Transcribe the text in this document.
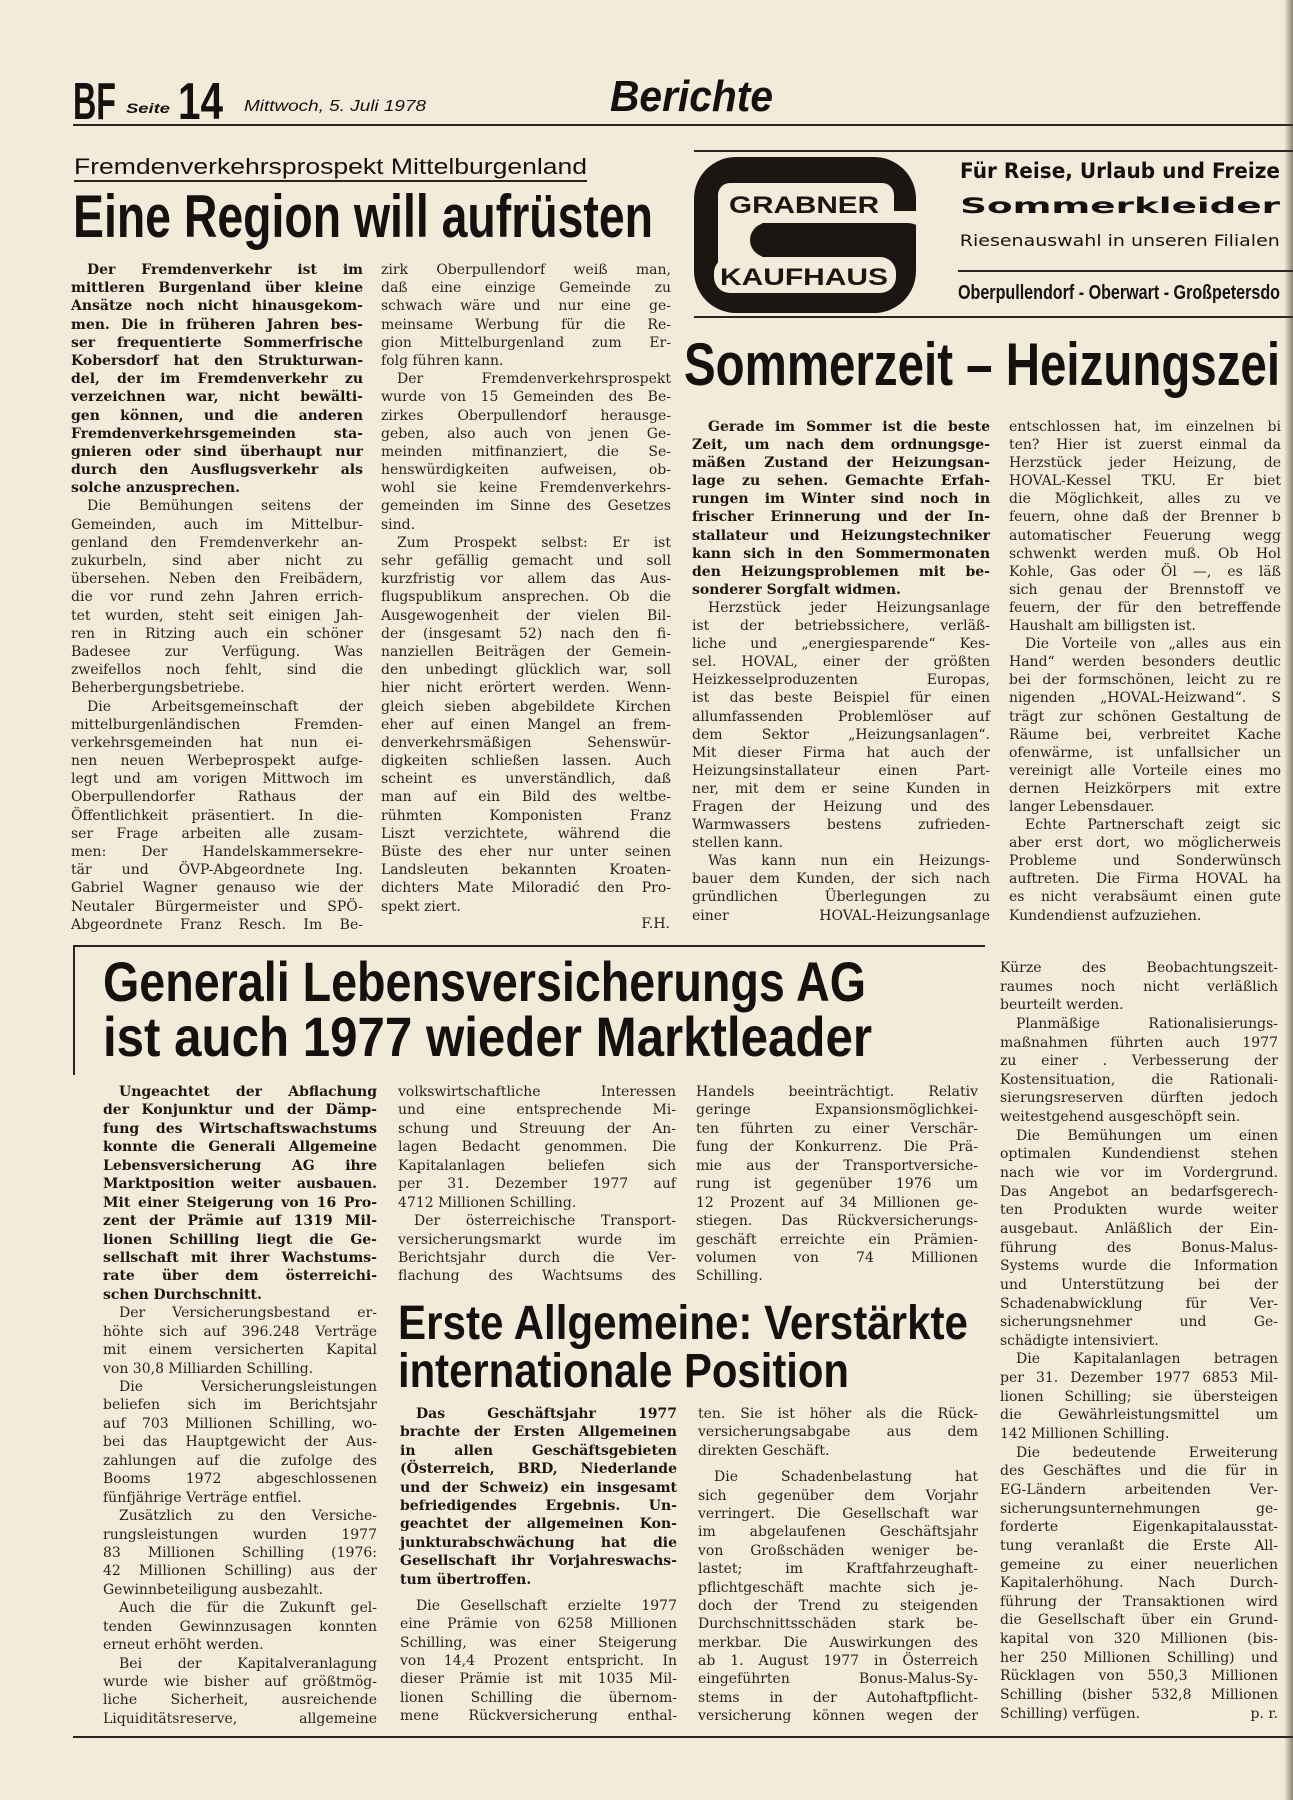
BF Seite 14 Mittwoch, 5. Juli 1978	Berichte
Fremdenverkehrsprospekt Mittelburgenland
Eine Region will aufrüsten
Der Fremdenverkehr ist im
mittleren Burgenland über kleine
Ansätze noch nicht hinausgekom-
men. Die in früheren Jahren bes-
ser frequentierte Sommerfrische
Kobersdorf hat den Strukturwan-
del, der im Fremdenverkehr zu
verzeichnen war, nicht bewälti-
gen können, und die anderen
Fremdenverkehrsgemeinden sta-
gnieren oder sind überhaupt nur
durch den Ausflugsverkehr als
solche anzusprechen.
Die Bemühungen seitens der
Gemeinden, auch im Mittelbur-
genland den Fremdenverkehr an-
zukurbeln, sind aber nicht zu
übersehen. Neben den Freibädern,
die vor rund zehn Jahren errich-
tet wurden, steht seit einigen Jah-
ren in Ritzing auch ein schöner
Badesee zur Verfügung. Was
zweifellos noch fehlt, sind die
Beherbergungsbetriebe.
Die Arbeitsgemeinschaft der
mittelburgenländischen Fremden-
verkehrsgemeinden hat nun ei-
nen neuen Werbeprospekt aufge-
legt und am vorigen Mittwoch im
Oberpullendorfer Rathaus der
Öffentlichkeit präsentiert. In die-
ser Frage arbeiten alle zusam-
men: Der Handelskammersekre-
tär und ÖVP-Abgeordnete Ing.
Gabriel Wagner genauso wie der
Neutaler Bürgermeister und SPÖ-
Abgeordnete Franz Resch. Im Be-
zirk Oberpullendorf weiß man,
daß eine einzige Gemeinde zu
schwach wäre und nur eine ge-
meinsame Werbung für die Re-
gion Mittelburgenland zum Er-
folg führen kann.
Der Fremdenverkehrsprospekt
wurde von 15 Gemeinden des Be-
zirkes Oberpullendorf herausge-
geben, also auch von jenen Ge-
meinden mitfinanziert, die Se-
henswürdigkeiten aufweisen, ob-
wohl sie keine Fremdenverkehrs-
gemeinden im Sinne des Gesetzes
sind.
Zum Prospekt selbst: Er ist
sehr gefällig gemacht und soll
kurzfristig vor allem das Aus-
flugspublikum ansprechen. Ob die
Ausgewogenheit der vielen Bil-
der (insgesamt 52) nach den fi-
nanziellen Beiträgen der Gemein-
den unbedingt glücklich war, soll
hier nicht erörtert werden. Wenn-
gleich sieben abgebildete Kirchen
eher auf einen Mangel an frem-
denverkehrsmäßigen Sehenswür-
digkeiten schließen lassen. Auch
scheint es unverständlich, daß
man auf ein Bild des weltbe-
rühmten Komponisten Franz
Liszt verzichtete, während die
Büste des eher nur unter seinen
Landsleuten bekannten Kroaten-
dichters Mate Miloradić den Pro-
spekt ziert.
F.H.
GRABNER
KAUFHAUS
Für Reise, Urlaub und Freize
Sommerkleider
Riesenauswahl in unseren Filialen
Oberpullendorf - Oberwart - Großpetersdo
Sommerzeit – Heizungszei
Gerade im Sommer ist die beste
Zeit, um nach dem ordnungsge-
mäßen Zustand der Heizungsan-
lage zu sehen. Gemachte Erfah-
rungen im Winter sind noch in
frischer Erinnerung und der In-
stallateur und Heizungstechniker
kann sich in den Sommermonaten
den Heizungsproblemen mit be-
sonderer Sorgfalt widmen.
Herzstück jeder Heizungsanlage
ist der betriebssichere, verläß-
liche und „energiesparende“ Kes-
sel. HOVAL, einer der größten
Heizkesselproduzenten Europas,
ist das beste Beispiel für einen
allumfassenden Problemlöser auf
dem Sektor „Heizungsanlagen“.
Mit dieser Firma hat auch der
Heizungsinstallateur einen Part-
ner, mit dem er seine Kunden in
Fragen der Heizung und des
Warmwassers bestens zufrieden-
stellen kann.
Was kann nun ein Heizungs-
bauer dem Kunden, der sich nach
gründlichen Überlegungen zu
einer HOVAL-Heizungsanlage
entschlossen hat, im einzelnen bi
ten? Hier ist zuerst einmal da
Herzstück jeder Heizung, de
HOVAL-Kessel TKU. Er biet
die Möglichkeit, alles zu ve
feuern, ohne daß der Brenner b
automatischer Feuerung wegg
schwenkt werden muß. Ob Hol
Kohle, Gas oder Öl —, es läß
sich genau der Brennstoff ve
feuern, der für den betreffende
Haushalt am billigsten ist.
Die Vorteile von „alles aus ein
Hand“ werden besonders deutlic
bei der formschönen, leicht zu re
nigenden „HOVAL-Heizwand“. S
trägt zur schönen Gestaltung de
Räume bei, verbreitet Kache
ofenwärme, ist unfallsicher un
vereinigt alle Vorteile eines mo
dernen Heizkörpers mit extre
langer Lebensdauer.
Echte Partnerschaft zeigt sic
aber erst dort, wo möglicherweis
Probleme und Sonderwünsch
auftreten. Die Firma HOVAL ha
es nicht verabsäumt einen gute
Kundendienst aufzuziehen.
Generali Lebensversicherungs AG
ist auch 1977 wieder Marktleader
Ungeachtet der Abflachung
der Konjunktur und der Dämp-
fung des Wirtschaftswachstums
konnte die Generali Allgemeine
Lebensversicherung AG ihre
Marktposition weiter ausbauen.
Mit einer Steigerung von 16 Pro-
zent der Prämie auf 1319 Mil-
lionen Schilling liegt die Ge-
sellschaft mit ihrer Wachstums-
rate über dem österreichi-
schen Durchschnitt.
Der Versicherungsbestand er-
höhte sich auf 396.248 Verträge
mit einem versicherten Kapital
von 30,8 Milliarden Schilling.
Die Versicherungsleistungen
beliefen sich im Berichtsjahr
auf 703 Millionen Schilling, wo-
bei das Hauptgewicht der Aus-
zahlungen auf die zufolge des
Booms 1972 abgeschlossenen
fünfjährige Verträge entfiel.
Zusätzlich zu den Versiche-
rungsleistungen wurden 1977
83 Millionen Schilling (1976:
42 Millionen Schilling) aus der
Gewinnbeteiligung ausbezahlt.
Auch die für die Zukunft gel-
tenden Gewinnzusagen konnten
erneut erhöht werden.
Bei der Kapitalveranlagung
wurde wie bisher auf größtmög-
liche Sicherheit, ausreichende
Liquiditätsreserve, allgemeine
volkswirtschaftliche Interessen
und eine entsprechende Mi-
schung und Streuung der An-
lagen Bedacht genommen. Die
Kapitalanlagen beliefen sich
per 31. Dezember 1977 auf
4712 Millionen Schilling.
Der österreichische Transport-
versicherungsmarkt wurde im
Berichtsjahr durch die Ver-
flachung des Wachtsums des
Handels beeinträchtigt. Relativ
geringe Expansionsmöglichkei-
ten führten zu einer Verschär-
fung der Konkurrenz. Die Prä-
mie aus der Transportversiche-
rung ist gegenüber 1976 um
12 Prozent auf 34 Millionen ge-
stiegen. Das Rückversicherungs-
geschäft erreichte ein Prämien-
volumen von 74 Millionen
Schilling.
Kürze des Beobachtungszeit-
raumes noch nicht verläßlich
beurteilt werden.
Planmäßige Rationalisierungs-
maßnahmen führten auch 1977
zu einer . Verbesserung der
Kostensituation, die Rationali-
sierungsreserven dürften jedoch
weitestgehend ausgeschöpft sein.
Die Bemühungen um einen
optimalen Kundendienst stehen
nach wie vor im Vordergrund.
Das Angebot an bedarfsgerech-
ten Produkten wurde weiter
ausgebaut. Anläßlich der Ein-
führung des Bonus-Malus-
Systems wurde die Information
und Unterstützung bei der
Schadenabwicklung für Ver-
sicherungsnehmer und Ge-
schädigte intensiviert.
Die Kapitalanlagen betragen
per 31. Dezember 1977 6853 Mil-
lionen Schilling; sie übersteigen
die Gewährleistungsmittel um
142 Millionen Schilling.
Die bedeutende Erweiterung
des Geschäftes und die für in
EG-Ländern arbeitenden Ver-
sicherungsunternehmungen ge-
forderte Eigenkapitalausstat-
tung veranlaßt die Erste All-
gemeine zu einer neuerlichen
Kapitalerhöhung. Nach Durch-
führung der Transaktionen wird
die Gesellschaft über ein Grund-
kapital von 320 Millionen (bis-
her 250 Millionen Schilling) und
Rücklagen von 550,3 Millionen
Schilling (bisher 532,8 Millionen
Schilling) verfügen.	p. r.
Erste Allgemeine: Verstärkte
internationale Position
Das Geschäftsjahr 1977
brachte der Ersten Allgemeinen
in allen Geschäftsgebieten
(Österreich, BRD, Niederlande
und der Schweiz) ein insgesamt
befriedigendes Ergebnis. Un-
geachtet der allgemeinen Kon-
junkturabschwächung hat die
Gesellschaft ihr Vorjahreswachs-
tum übertroffen.
Die Gesellschaft erzielte 1977
eine Prämie von 6258 Millionen
Schilling, was einer Steigerung
von 14,4 Prozent entspricht. In
dieser Prämie ist mit 1035 Mil-
lionen Schilling die übernom-
mene Rückversicherung enthal-
ten. Sie ist höher als die Rück-
versicherungsabgabe aus dem
direkten Geschäft.
Die Schadenbelastung hat
sich gegenüber dem Vorjahr
verringert. Die Gesellschaft war
im abgelaufenen Geschäftsjahr
von Großschäden weniger be-
lastet; im Kraftfahrzeughaft-
pflichtgeschäft machte sich je-
doch der Trend zu steigenden
Durchschnittsschäden stark be-
merkbar. Die Auswirkungen des
ab 1. August 1977 in Österreich
eingeführten Bonus-Malus-Sy-
stems in der Autohaftpflicht-
versicherung können wegen der
